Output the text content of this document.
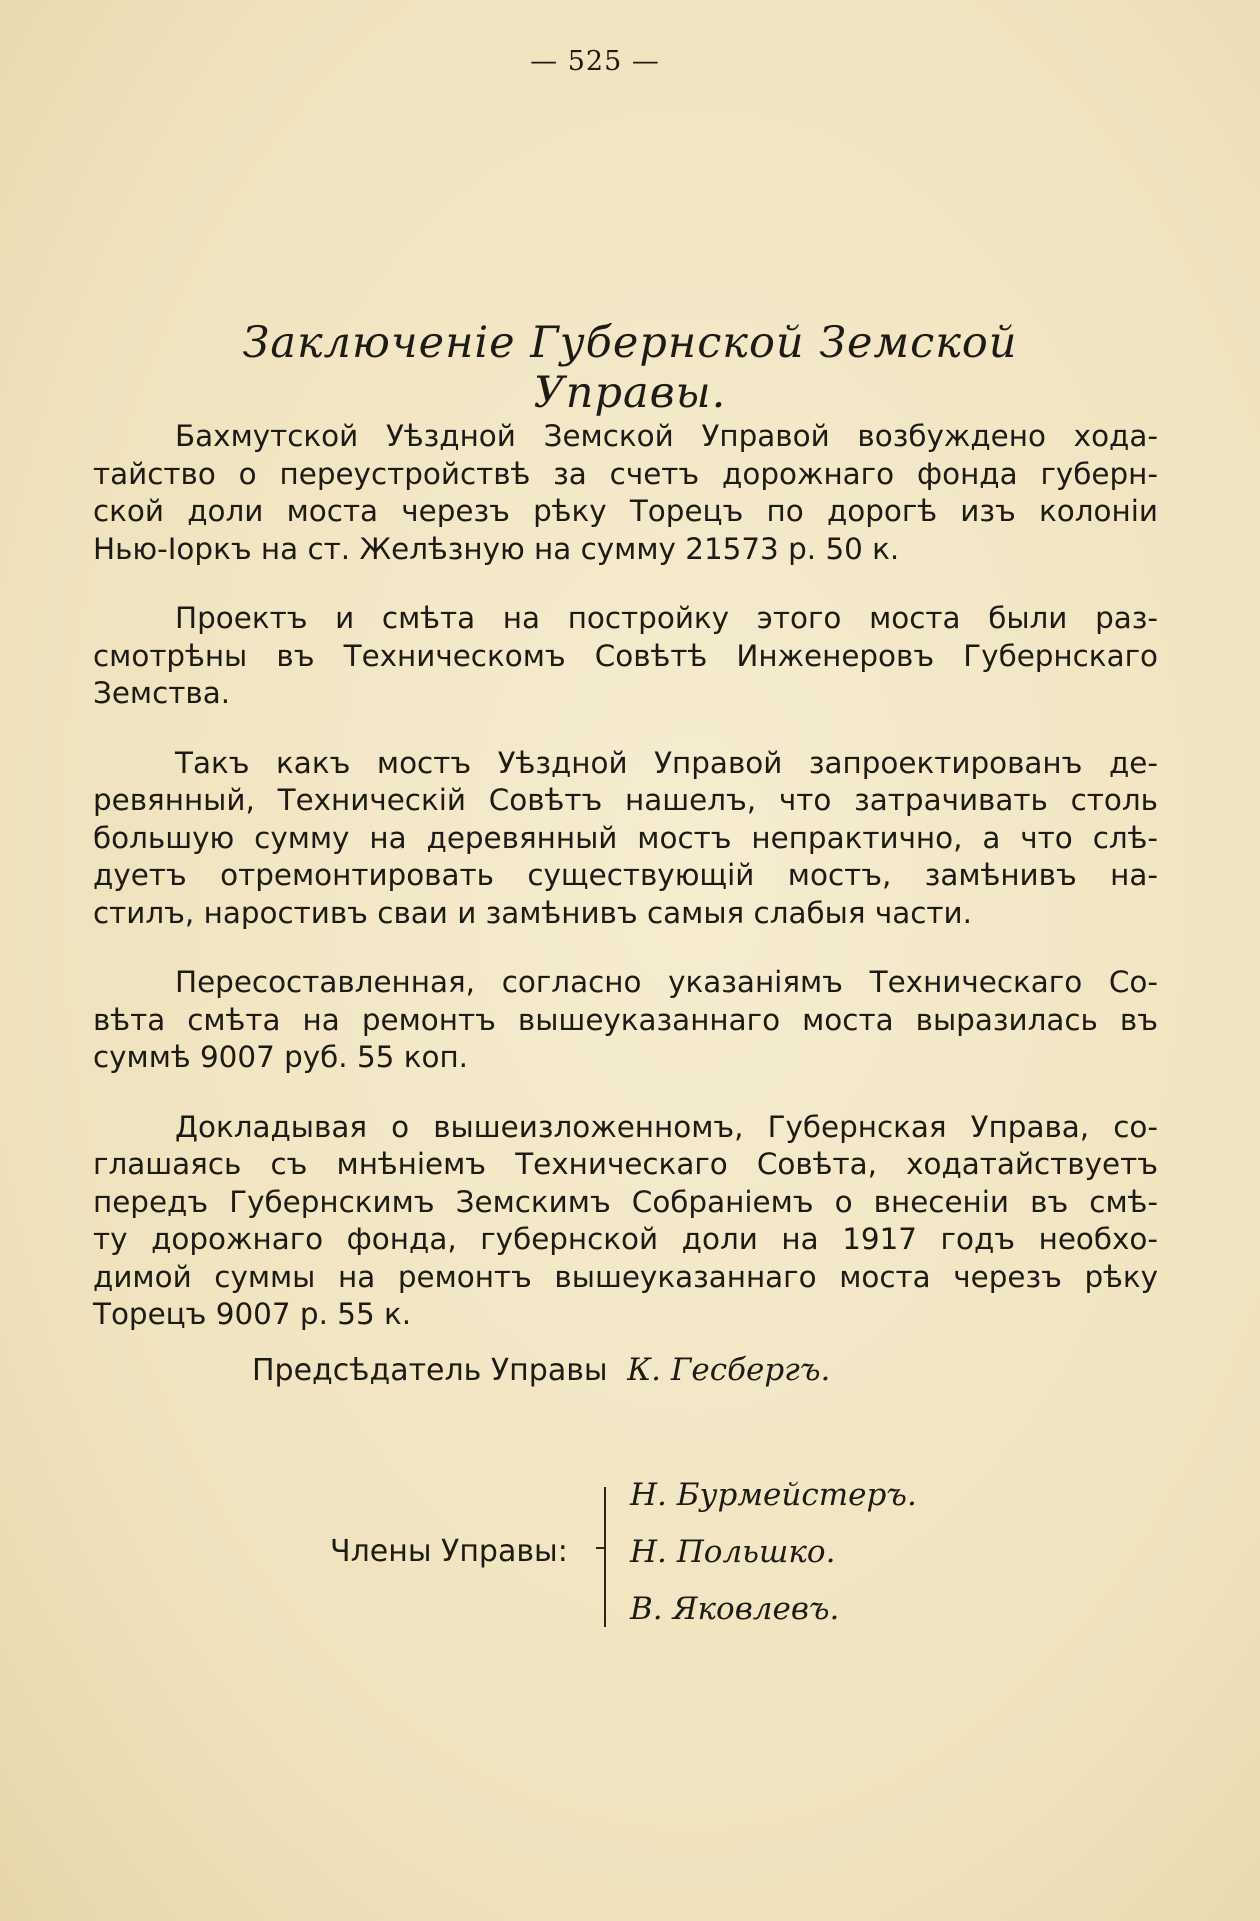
— 525 —
Заключеніе Губернской Земской Управы.
Бахмутской Уѣздной Земской Управой возбуждено хода-
тайство о переустройствѣ за счетъ дорожнаго фонда губерн-
ской доли моста черезъ рѣку Торецъ по дорогѣ изъ колоніи
Нью-Іоркъ на ст. Желѣзную на сумму 21573 р. 50 к.
Проектъ и смѣта на постройку этого моста были раз-
смотрѣны въ Техническомъ Совѣтѣ Инженеровъ Губернскаго
Земства.
Такъ какъ мостъ Уѣздной Управой запроектированъ де-
ревянный, Техническій Совѣтъ нашелъ, что затрачивать столь
большую сумму на деревянный мостъ непрактично, а что слѣ-
дуетъ отремонтировать существующій мостъ, замѣнивъ на-
стилъ, наростивъ сваи и замѣнивъ самыя слабыя части.
Пересоставленная, согласно указаніямъ Техническаго Со-
вѣта смѣта на ремонтъ вышеуказаннаго моста выразилась въ
суммѣ 9007 руб. 55 коп.
Докладывая о вышеизложенномъ, Губернская Управа, со-
глашаясь съ мнѣніемъ Техническаго Совѣта, ходатайствуетъ
передъ Губернскимъ Земскимъ Собраніемъ о внесеніи въ смѣ-
ту дорожнаго фонда, губернской доли на 1917 годъ необхо-
димой суммы на ремонтъ вышеуказаннаго моста черезъ рѣку
Торецъ 9007 р. 55 к.
Предсѣдатель Управы К. Гесбергъ.
Члены Управы:
Н. Бурмейстеръ.
Н. Польшко.
В. Яковлевъ.
